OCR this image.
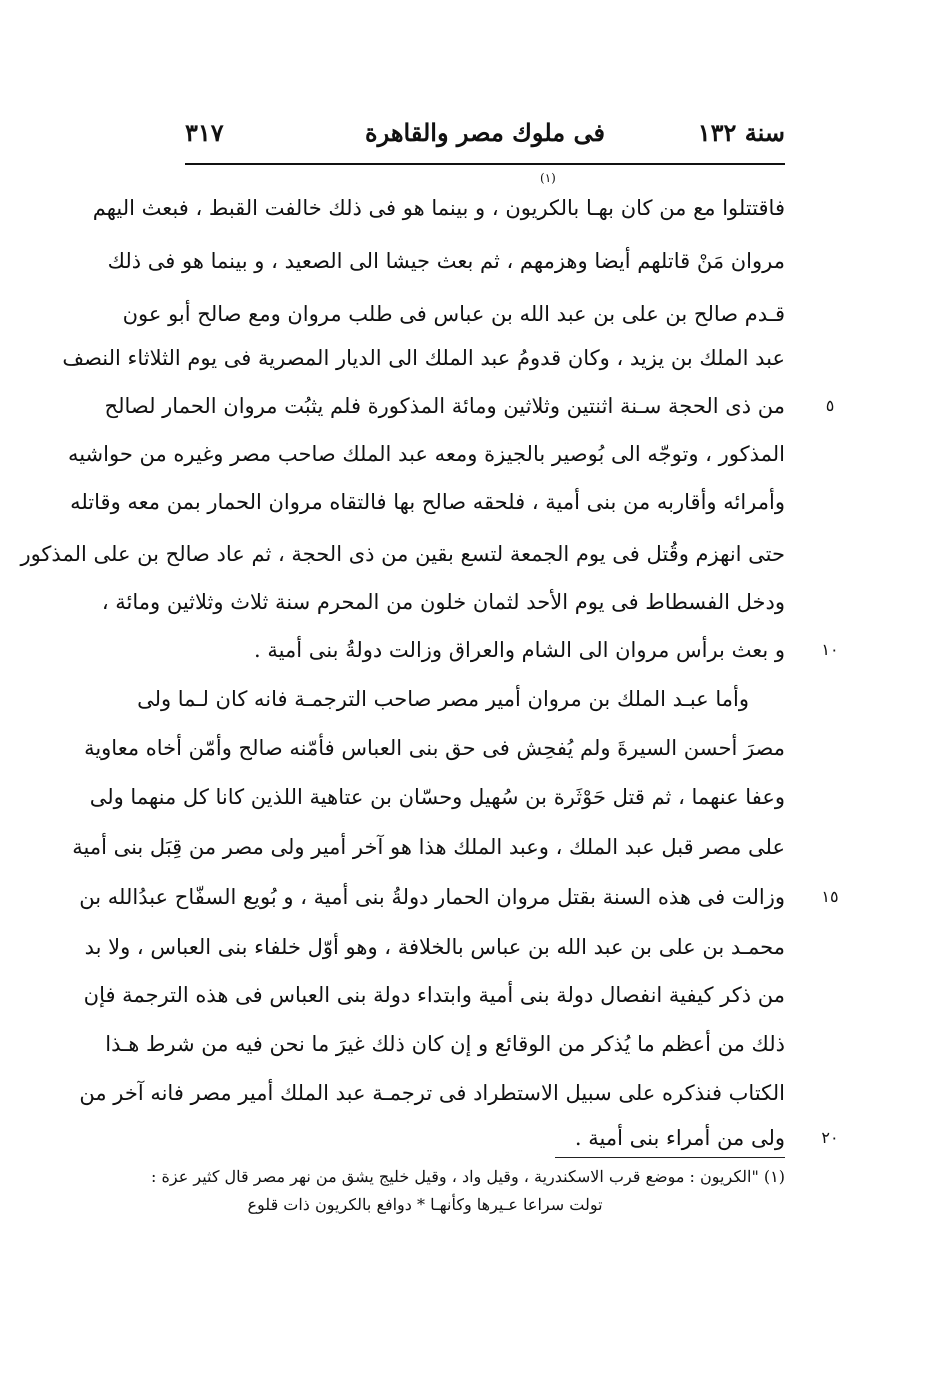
سنة ١٣٢
فى ملوك مصر والقاهرة
٣١٧
فاقتتلوا مع من كان بهـا بالكريون ، و بينما هو فى ذلك خالفت القبط ، فبعث اليهم
مروان مَنْ قاتلهم أيضا وهزمهم ، ثم بعث جيشا الى الصعيد ، و بينما هو فى ذلك
قـدم صالح بن على بن عبد الله بن عباس فى طلب مروان ومع صالح أبو عون
عبد الملك بن يزيد ، وكان قدومُ عبد الملك الى الديار المصرية فى يوم الثلاثاء النصف
من ذى الحجة سـنة اثنتين وثلاثين ومائة المذكورة فلم يثبُت مروان الحمار لصالح
المذكور ، وتوجّه الى بُوصير بالجيزة ومعه عبد الملك صاحب مصر وغيره من حواشيه
وأمرائه وأقاربه من بنى أمية ، فلحقه صالح بها فالتقاه مروان الحمار بمن معه وقاتله
حتى انهزم وقُتل فى يوم الجمعة لتسع بقين من ذى الحجة ، ثم عاد صالح بن على المذكور
ودخل الفسطاط فى يوم الأحد لثمان خلون من المحرم سنة ثلاث وثلاثين ومائة ،
و بعث برأس مروان الى الشام والعراق وزالت دولةُ بنى أمية .
وأما عبـد الملك بن مروان أمير مصر صاحب الترجمـة فانه كان لـما ولى
مصرَ أحسن السيرةَ ولم يُفحِش فى حق بنى العباس فأمّنه صالح وأمّن أخاه معاوية
وعفا عنهما ، ثم قتل حَوْثَرة بن سُهيل وحسّان بن عتاهية اللذين كانا كل منهما ولى
على مصر قبل عبد الملك ، وعبد الملك هذا هو آخر أمير ولى مصر من قِبَل بنى أمية
وزالت فى هذه السنة بقتل مروان الحمار دولةُ بنى أمية ، و بُويع السفّاح عبدُالله بن
محمـد بن على بن عبد الله بن عباس بالخلافة ، وهو أوّل خلفاء بنى العباس ، ولا بد
من ذكر كيفية انفصال دولة بنى أمية وابتداء دولة بنى العباس فى هذه الترجمة فإن
ذلك من أعظم ما يُذكر من الوقائع و إن كان ذلك غيرَ ما نحن فيه من شرط هـذا
الكتاب فنذكره على سبيل الاستطراد فى ترجمـة عبد الملك أمير مصر فانه آخر من
ولى من أمراء بنى أمية .
(١)
٥
١٠
١٥
٢٠
(١) "الكريون : موضع قرب الاسكندرية ، وقيل واد ، وقيل خليج يشق من نهر مصر قال كثير عزة :
تولت سراعا عـيرها وكأنهـا * دوافع بالكريون ذات قلوع
